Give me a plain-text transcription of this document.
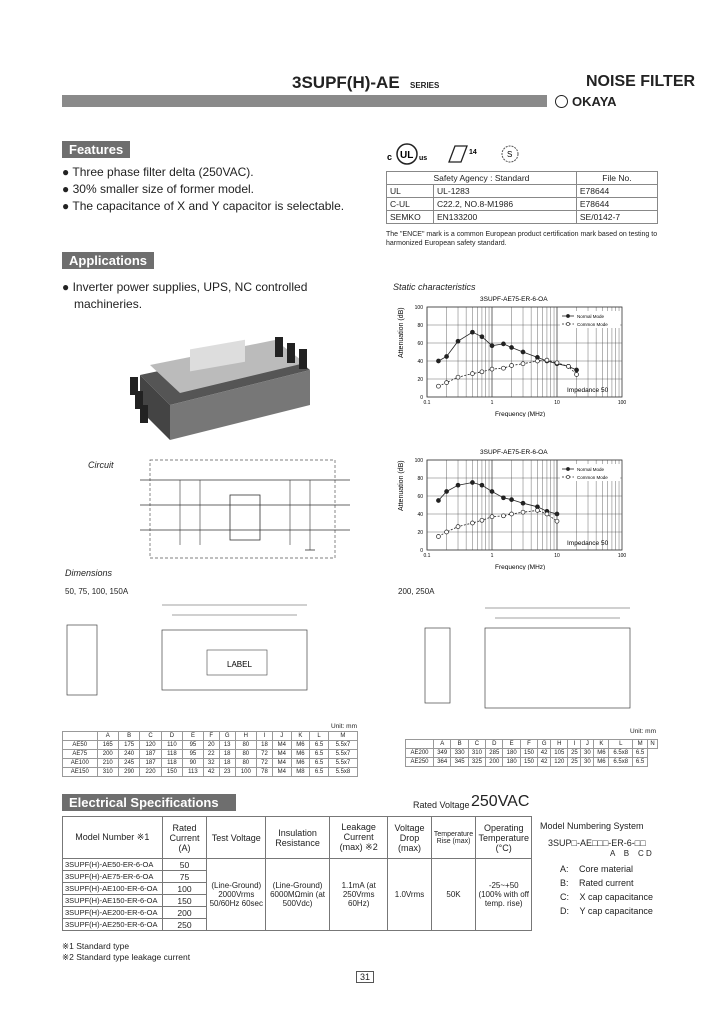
3SUPF(H)-AE SERIES	NOISE FILTER
OKAYA
Features
● Three phase filter delta (250VAC).
● 30% smaller size of former model.
● The capacitance of X and Y capacitor is selectable.
c UL us
14	S
Safety Agency : Standard		File No.
UL	UL-1283	E78644
C-UL	C22.2, NO.8-M1986	E78644
SEMKO	EN133200	SE/0142-7
The "ENCE" mark is a common European product certification mark based on testing to harmonized European safety standard.
Applications
● Inverter power supplies, UPS, NC controlled machineries.
Static characteristics
3SUPF-AE75-ER-6-OA
0
20
40
60
80
100
0.1	1	10	100
Normal Mode
Common Mode
Attenuation (dB)
Frequency (MHz)
Impedance 50
3SUPF-AE75-ER-6-OA
0
20
40
60
80
100
0.1	1	10	100
Normal Mode
Common Mode
Attenuation (dB)
Frequency (MHz)
Impedance 50
Circuit
Dimensions
50, 75, 100, 150A	200, 250A
LABEL
Unit: mm
	A	B	C	D	E	F	G	H	I	J	K	L	M
AE50	165	175	120	110	95	20	13	80	18	M4	M6	6.5	5.5x7
AE75	200	240	187	118	95	22	18	80	72	M4	M6	6.5	5.5x7
AE100	210	245	187	118	90	32	18	80	72	M4	M6	6.5	5.5x7
AE150	310	290	220	150	113	42	23	100	78	M4	M8	6.5	5.5x8
Unit: mm
	A	B	C	D	E	F	G	H	I	J	K	L	M	N
AE200	349	330	310	285	180	150	42	105	25	30	M6	6.5x8	6.5	
AE250	364	345	325	200	180	150	42	120	25	30	M6	6.5x8	6.5	
Electrical Specifications	Rated Voltage 250VAC
Model Number ※1	Rated Current (A)	Test Voltage	Insulation Resistance	Leakage Current (max) ※2	Voltage Drop (max)	Temperature Rise (max)	Operating Temperature (°C)
3SUPF(H)-AE50-ER-6-OA	50	(Line-Ground) 2000Vrms 50/60Hz 60sec	(Line-Ground) 6000MΩmin (at 500Vdc)	1.1mA (at 250Vrms 60Hz)	1.0Vrms	50K	-25~+50 (100% with off temp. rise)
3SUPF(H)-AE75-ER-6-OA	75						
3SUPF(H)-AE100-ER-6-OA	100						
3SUPF(H)-AE150-ER-6-OA	150						
3SUPF(H)-AE200-ER-6-OA	200						
3SUPF(H)-AE250-ER-6-OA	250						
※1 Standard type
※2 Standard type leakage current
Model Numbering System
3SUP□-AE□□□-ER-6-□□
A    B    C D
A: Core material
B: Rated current
C: X cap capacitance
D: Y cap capacitance
31
